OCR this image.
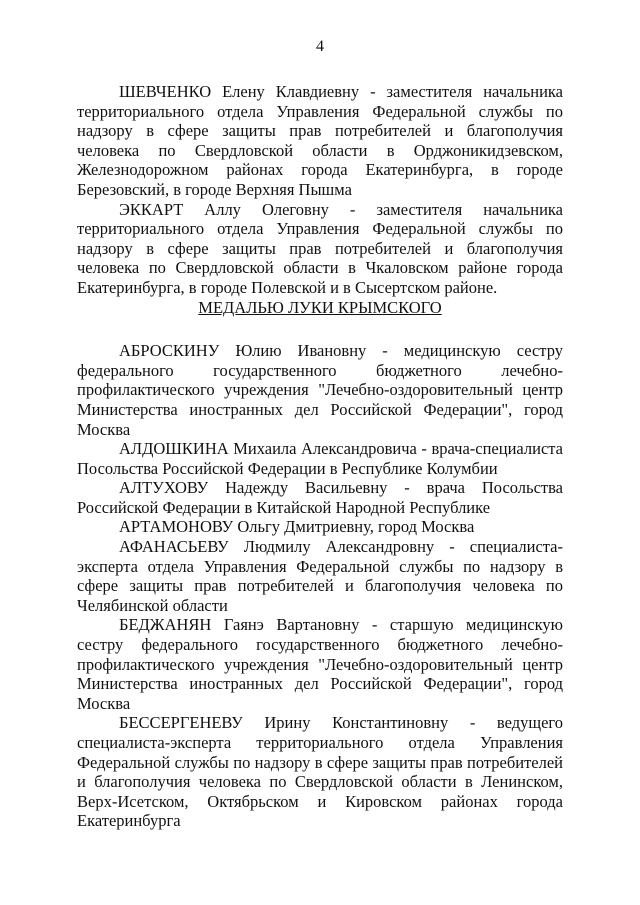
4

ШЕВЧЕНКО Елену Клавдиевну - заместителя начальника территориального отдела Управления Федеральной службы по надзору в сфере защиты прав потребителей и благополучия человека по Свердловской области в Орджоникидзевском, Железнодорожном районах города Екатеринбурга, в городе Березовский, в городе Верхняя Пышма

ЭККАРТ Аллу Олеговну - заместителя начальника территориального отдела Управления Федеральной службы по надзору в сфере защиты прав потребителей и благополучия человека по Свердловской области в Чкаловском районе города Екатеринбурга, в городе Полевской и в Сысертском районе.

МЕДАЛЬЮ ЛУКИ КРЫМСКОГО

АБРОСКИНУ Юлию Ивановну - медицинскую сестру федерального государственного бюджетного лечебно-профилактического учреждения "Лечебно-оздоровительный центр Министерства иностранных дел Российской Федерации", город Москва

АЛДОШКИНА Михаила Александровича - врача-специалиста Посольства Российской Федерации в Республике Колумбии

АЛТУХОВУ Надежду Васильевну - врача Посольства Российской Федерации в Китайской Народной Республике

АРТАМОНОВУ Ольгу Дмитриевну, город Москва

АФАНАСЬЕВУ Людмилу Александровну - специалиста-эксперта отдела Управления Федеральной службы по надзору в сфере защиты прав потребителей и благополучия человека по Челябинской области

БЕДЖАНЯН Гаянэ Вартановну - старшую медицинскую сестру федерального государственного бюджетного лечебно-профилактического учреждения "Лечебно-оздоровительный центр Министерства иностранных дел Российской Федерации", город Москва

БЕССЕРГЕНЕВУ Ирину Константиновну - ведущего специалиста-эксперта территориального отдела Управления Федеральной службы по надзору в сфере защиты прав потребителей и благополучия человека по Свердловской области в Ленинском, Верх-Исетском, Октябрьском и Кировском районах города Екатеринбурга
